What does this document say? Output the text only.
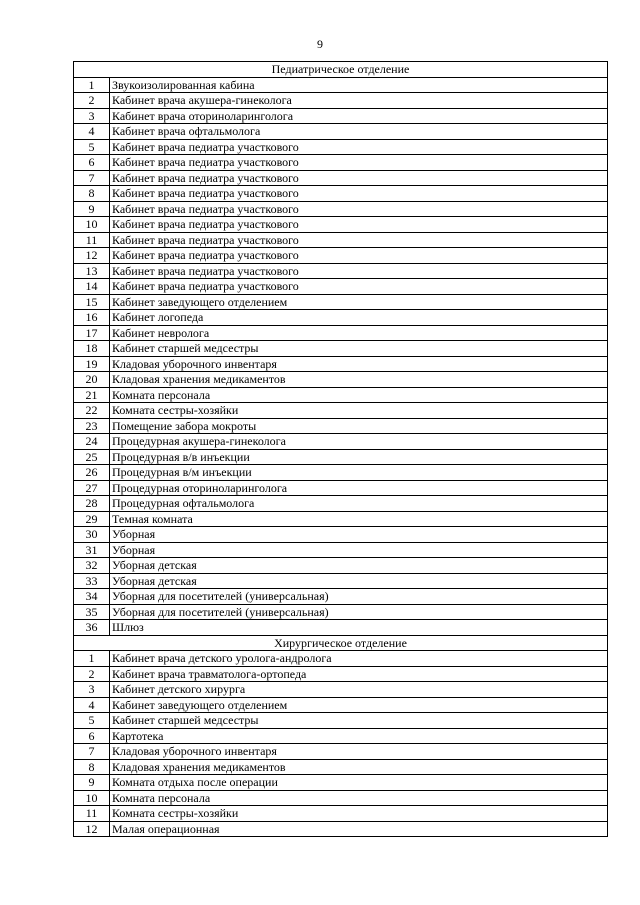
9
Педиатрическое отделение	
1	Звукоизолированная кабина
2	Кабинет врача акушера-гинеколога
3	Кабинет врача оториноларинголога
4	Кабинет врача офтальмолога
5	Кабинет врача педиатра участкового
6	Кабинет врача педиатра участкового
7	Кабинет врача педиатра участкового
8	Кабинет врача педиатра участкового
9	Кабинет врача педиатра участкового
10	Кабинет врача педиатра участкового
11	Кабинет врача педиатра участкового
12	Кабинет врача педиатра участкового
13	Кабинет врача педиатра участкового
14	Кабинет врача педиатра участкового
15	Кабинет заведующего отделением
16	Кабинет логопеда
17	Кабинет невролога
18	Кабинет старшей медсестры
19	Кладовая уборочного инвентаря
20	Кладовая хранения медикаментов
21	Комната персонала
22	Комната сестры-хозяйки
23	Помещение забора мокроты
24	Процедурная акушера-гинеколога
25	Процедурная в/в инъекции
26	Процедурная в/м инъекции
27	Процедурная оториноларинголога
28	Процедурная офтальмолога
29	Темная комната
30	Уборная
31	Уборная
32	Уборная детская
33	Уборная детская
34	Уборная для посетителей (универсальная)
35	Уборная для посетителей (универсальная)
36	Шлюз
Хирургическое отделение	
1	Кабинет врача детского уролога-андролога
2	Кабинет врача травматолога-ортопеда
3	Кабинет детского хирурга
4	Кабинет заведующего отделением
5	Кабинет старшей медсестры
6	Картотека
7	Кладовая уборочного инвентаря
8	Кладовая хранения медикаментов
9	Комната отдыха после операции
10	Комната персонала
11	Комната сестры-хозяйки
12	Малая операционная
